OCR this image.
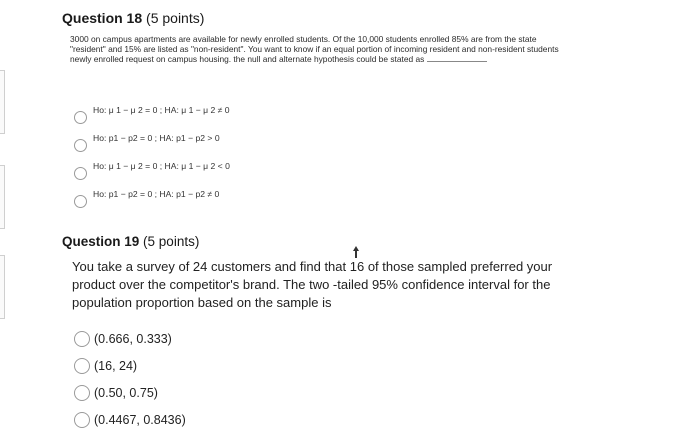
Question 18 (5 points)
3000 on campus apartments are available for newly enrolled students. Of the 10,000 students enrolled 85% are from the state "resident" and 15% are listed as "non-resident". You want to know if an equal portion of incoming resident and non-resident students newly enrolled request on campus housing. the null and alternate hypothesis could be stated as
Ho: μ 1 − μ 2 = 0 ; HA: μ 1 − μ 2 ≠ 0
Ho: p1 − p2 = 0 ; HA: p1 − p2 > 0
Ho: μ 1 − μ 2 = 0 ; HA: μ 1 − μ 2 < 0
Ho: p1 − p2 = 0 ; HA: p1 − p2 ≠ 0
Question 19 (5 points)
You take a survey of 24 customers and find that 16 of those sampled preferred your product over the competitor's brand. The two -tailed 95% confidence interval for the population proportion based on the sample is
(0.666, 0.333)
(16, 24)
(0.50, 0.75)
(0.4467, 0.8436)
